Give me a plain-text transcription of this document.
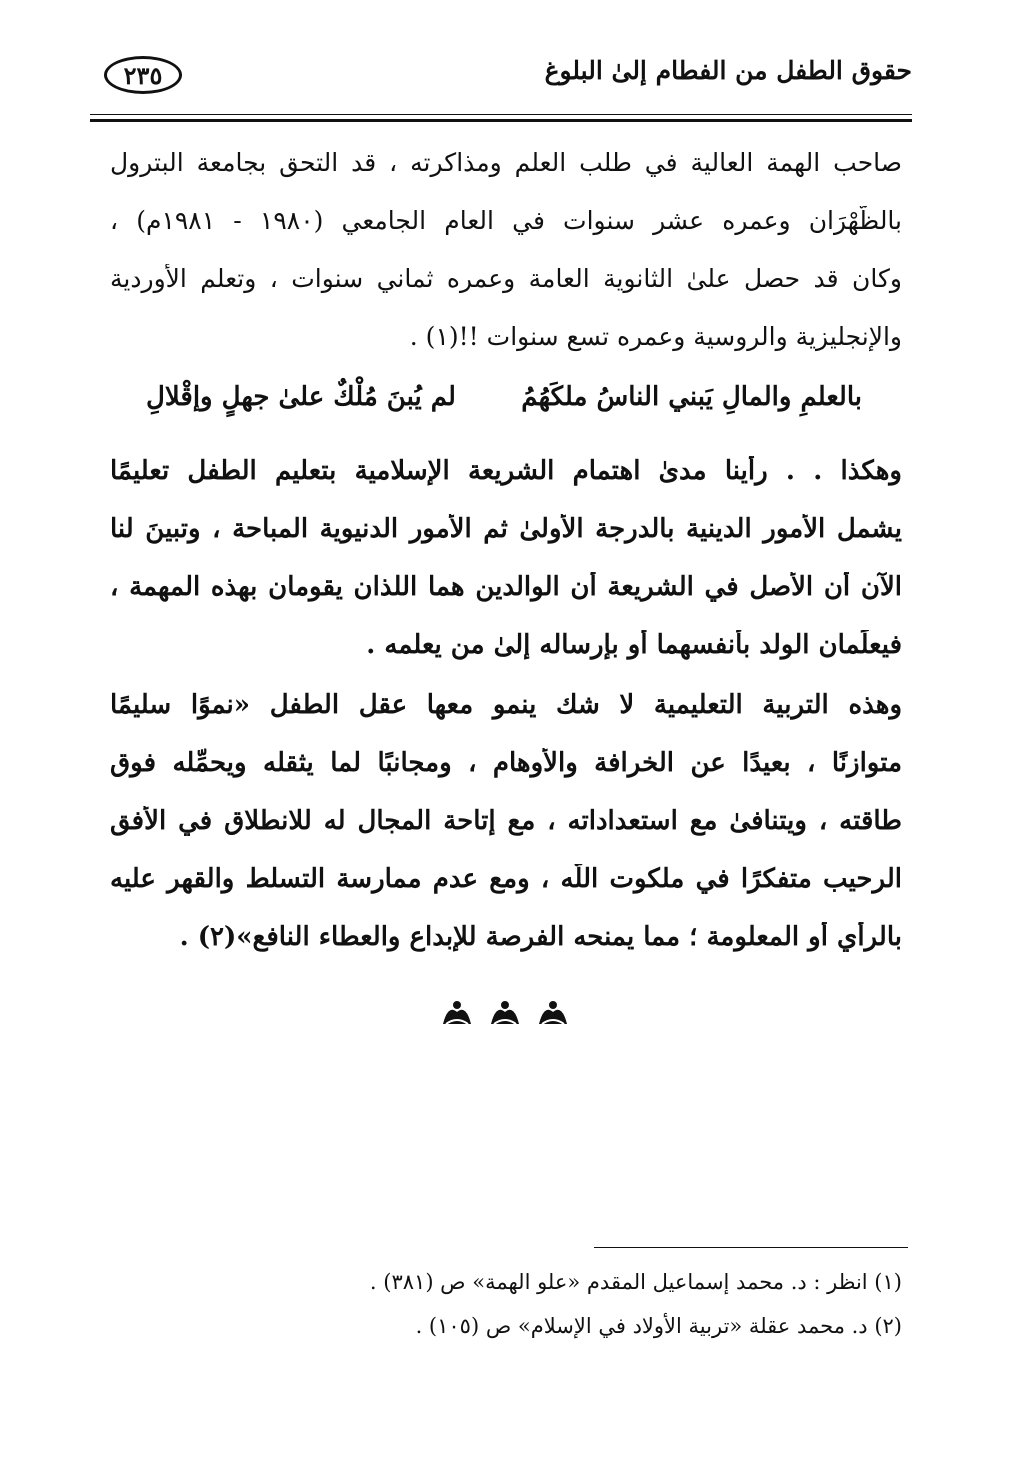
حقوق الطفل من الفطام إلىٰ البلوغ
٢٣٥
صاحب الهمة العالية في طلب العلم ومذاكرته ، قد التحق بجامعة البترول
بالظَّهْرَان وعمره عشر سنوات في العام الجامعي (١٩٨٠ - ١٩٨١م) ،
وكان قد حصل علىٰ الثانوية العامة وعمره ثماني سنوات ، وتعلم الأوردية
والإنجليزية والروسية وعمره تسع سنوات !!(١) .
بالعلمِ والمالِ يَبني الناسُ ملكَهُمُ
لم يُبنَ مُلْكٌ علىٰ جهلٍ وإقْلالِ
وهكذا . . رأينا مدىٰ اهتمام الشريعة الإسلامية بتعليم الطفل تعليمًا
يشمل الأمور الدينية بالدرجة الأولىٰ ثم الأمور الدنيوية المباحة ، وتبينَ لنا
الآن أن الأصل في الشريعة أن الوالدين هما اللذان يقومان بهذه المهمة ،
فيعلِّمان الولد بأنفسهما أو بإرساله إلىٰ من يعلمه .
وهذه التربية التعليمية لا شك ينمو معها عقل الطفل «نموًا سليمًا
متوازنًا ، بعيدًا عن الخرافة والأوهام ، ومجانبًا لما يثقله ويحمِّله فوق
طاقته ، ويتنافىٰ مع استعداداته ، مع إتاحة المجال له للانطلاق في الأفق
الرحيب متفكرًا في ملكوت اللَّه ، ومع عدم ممارسة التسلط والقهر عليه
بالرأي أو المعلومة ؛ مما يمنحه الفرصة للإبداع والعطاء النافع»(٢) .
(١) انظر : د. محمد إسماعيل المقدم «علو الهمة» ص (٣٨١) .
(٢) د. محمد عقلة «تربية الأولاد في الإسلام» ص (١٠٥) .
